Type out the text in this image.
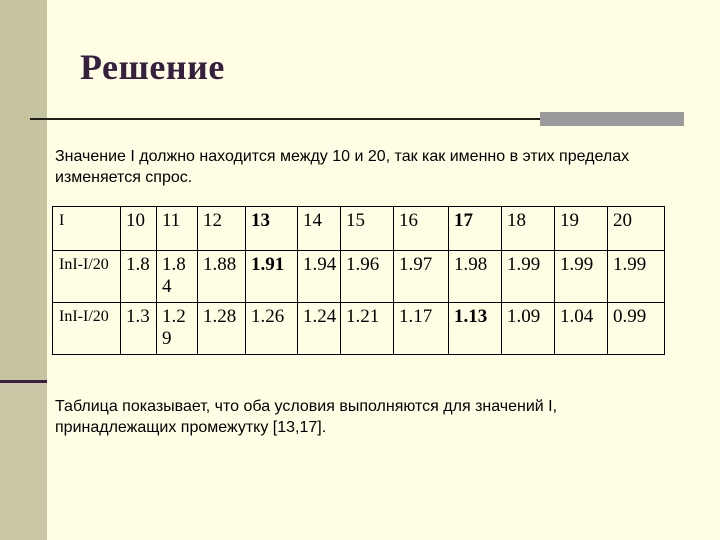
Решение

Значение I должно находится между 10 и 20, так как именно в этих пределах изменяется спрос.

I	10	11	12	13	14	15	16	17	18	19	20
InI-I/20	1.8	1.84	1.88	1.91	1.94	1.96	1.97	1.98	1.99	1.99	1.99
InI-I/20	1.3	1.29	1.28	1.26	1.24	1.21	1.17	1.13	1.09	1.04	0.99

Таблица показывает, что оба условия выполняются для значений I, принадлежащих промежутку [13,17].
